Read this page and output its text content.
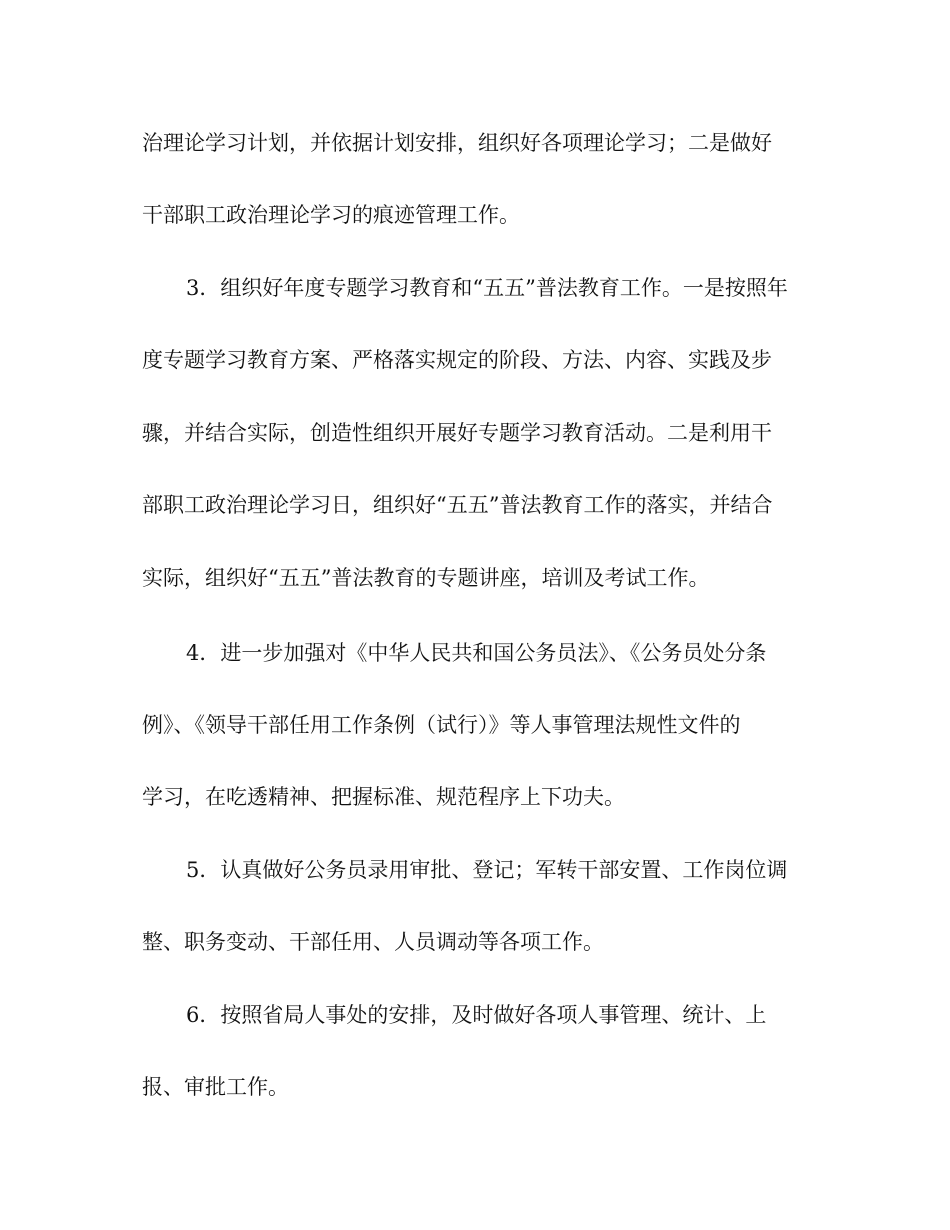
治理论学习计划，并依据计划安排，组织好各项理论学习；二是做好

干部职工政治理论学习的痕迹管理工作。

3．组织好年度专题学习教育和“五五”普法教育工作。一是按照年

度专题学习教育方案、严格落实规定的阶段、方法、内容、实践及步

骤，并结合实际，创造性组织开展好专题学习教育活动。二是利用干

部职工政治理论学习日，组织好“五五”普法教育工作的落实，并结合

实际，组织好“五五”普法教育的专题讲座，培训及考试工作。

4．进一步加强对《中华人民共和国公务员法》、《公务员处分条

例》、《领导干部任用工作条例（试行）》等人事管理法规性文件的

学习，在吃透精神、把握标准、规范程序上下功夫。

5．认真做好公务员录用审批、登记；军转干部安置、工作岗位调

整、职务变动、干部任用、人员调动等各项工作。

6．按照省局人事处的安排，及时做好各项人事管理、统计、上

报、审批工作。
